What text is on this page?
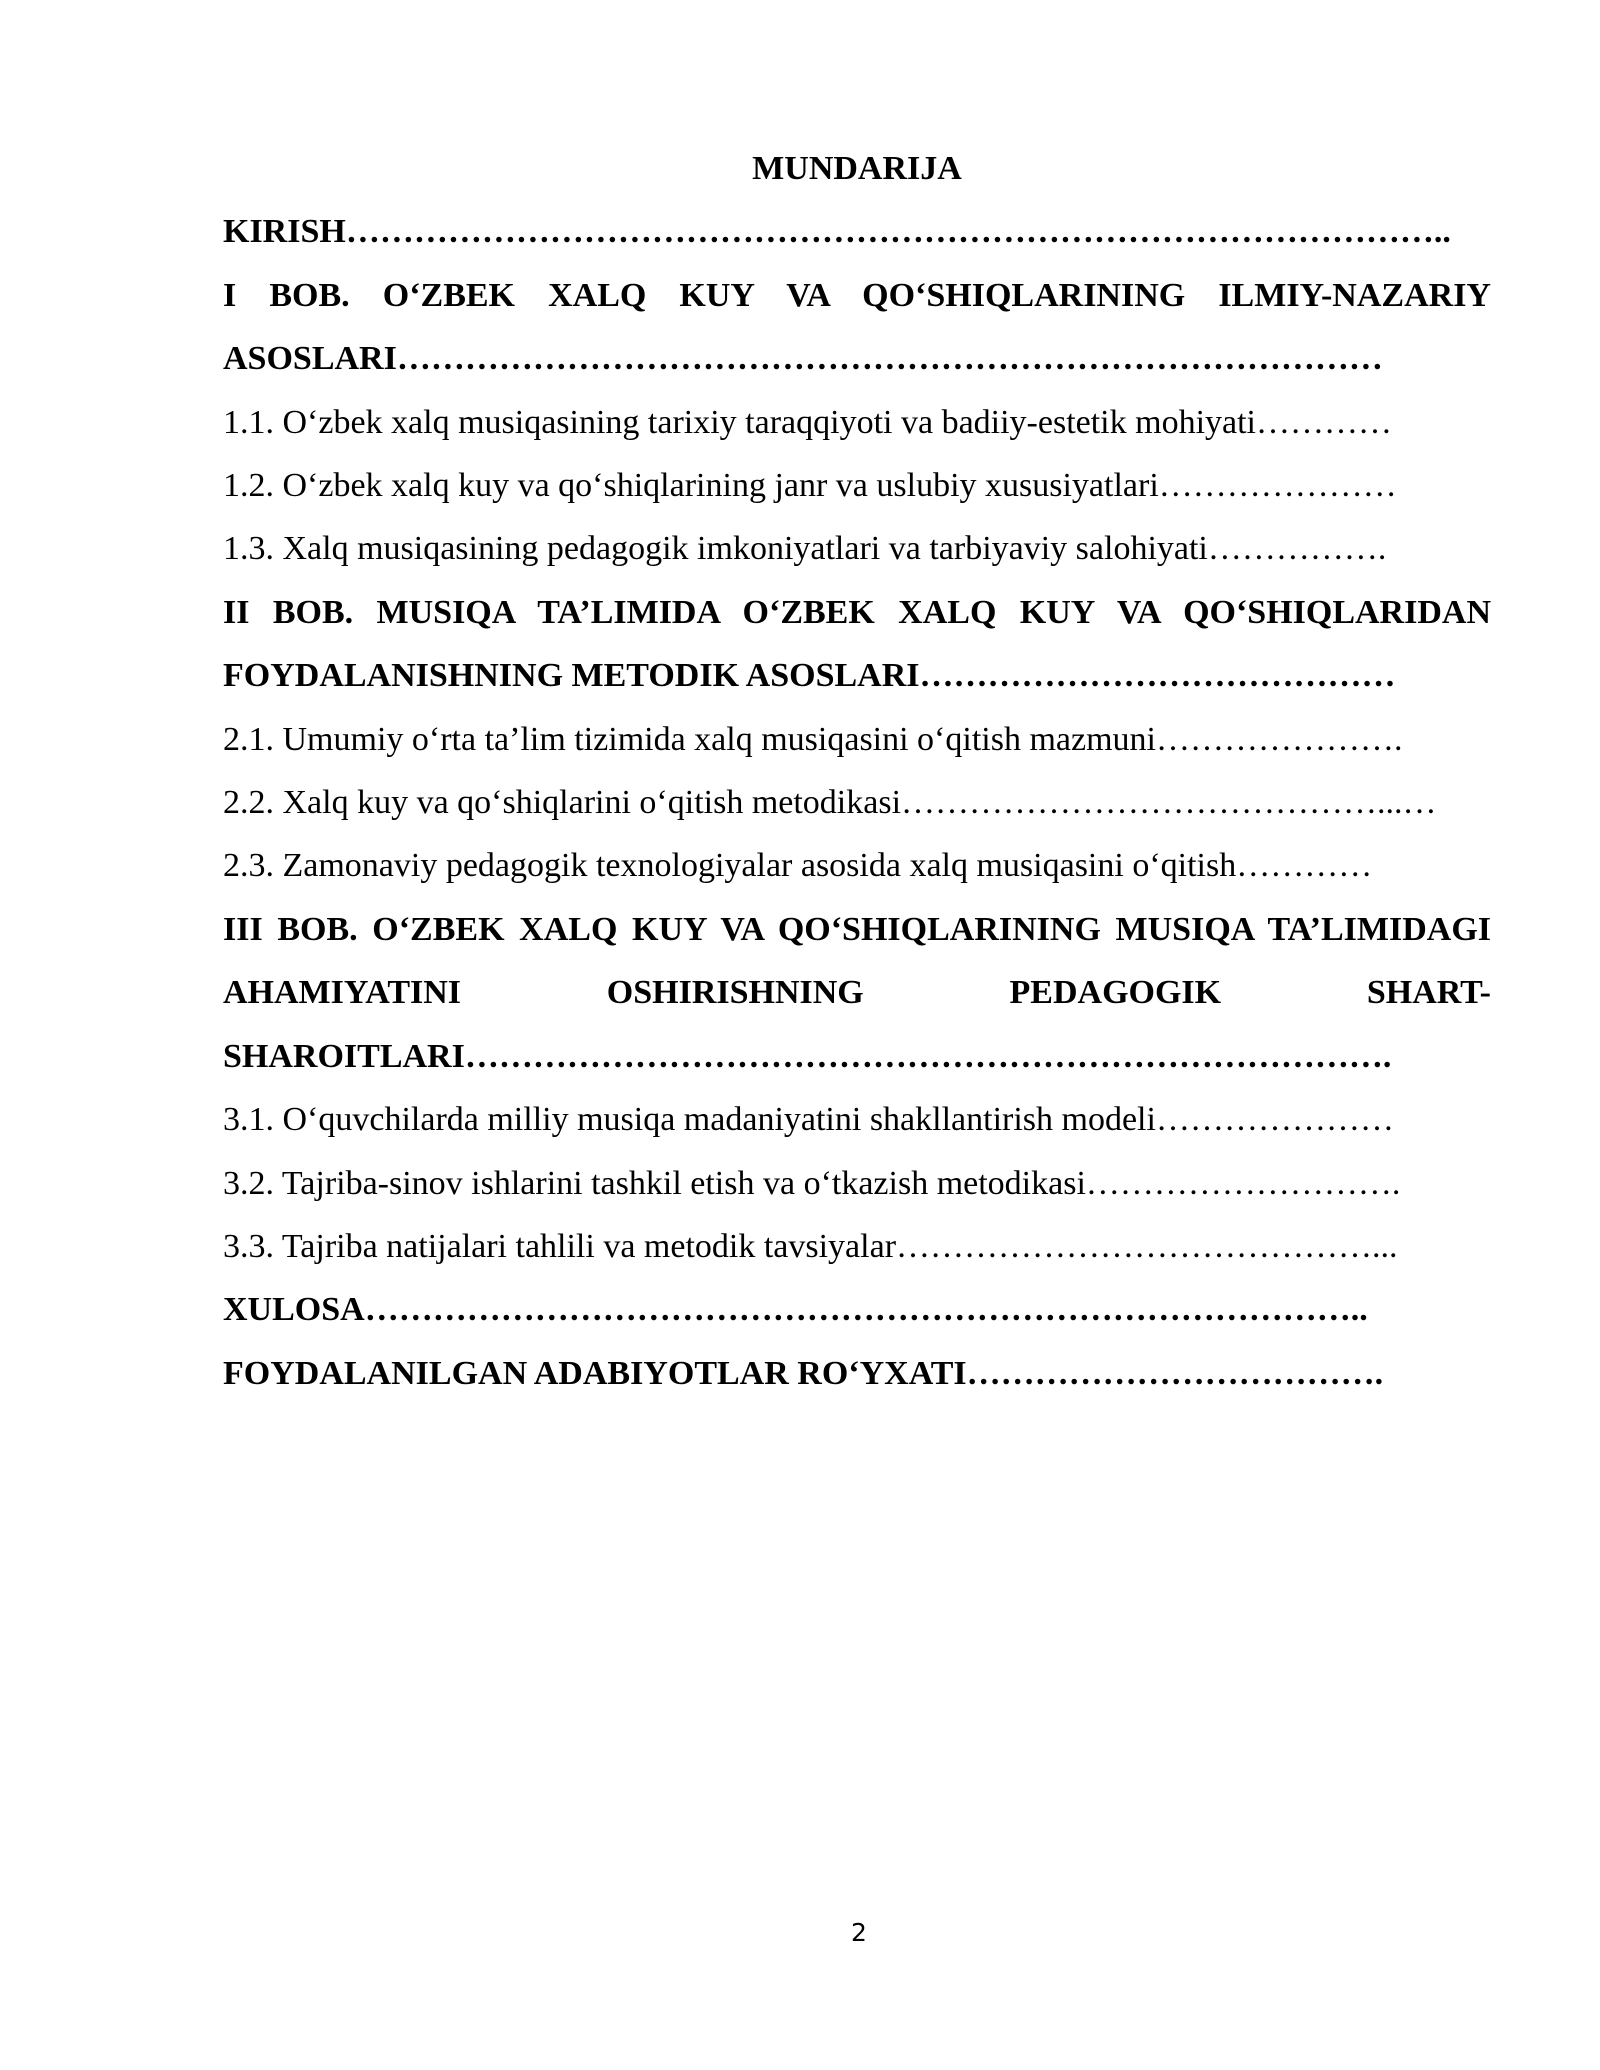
MUNDARIJA

KIRISH……………………………………………………………………………………..

I BOB. O‘ZBEK XALQ KUY VA QO‘SHIQLARINING ILMIY-NAZARIY ASOSLARI……………………………………………………………………………

1.1. O‘zbek xalq musiqasining tarixiy taraqqiyoti va badiiy-estetik mohiyati…………

1.2. O‘zbek xalq kuy va qo‘shiqlarining janr va uslubiy xususiyatlari…………………

1.3. Xalq musiqasining pedagogik imkoniyatlari va tarbiyaviy salohiyati…………….

II BOB. MUSIQA TA’LIMIDA O‘ZBEK XALQ KUY VA QO‘SHIQLARIDAN FOYDALANISHNING METODIK ASOSLARI……………………………………

2.1. Umumiy o‘rta ta’lim tizimida xalq musiqasini o‘qitish mazmuni………………….

2.2. Xalq kuy va qo‘shiqlarini o‘qitish metodikasi……………………………………...…

2.3. Zamonaviy pedagogik texnologiyalar asosida xalq musiqasini o‘qitish…………

III BOB. O‘ZBEK XALQ KUY VA QO‘SHIQLARINING MUSIQA TA’LIMIDAGI AHAMIYATINI OSHIRISHNING PEDAGOGIK SHART-SHAROITLARI……………………………………………………………………….

3.1. O‘quvchilarda milliy musiqa madaniyatini shakllantirish modeli…………………

3.2. Tajriba-sinov ishlarini tashkil etish va o‘tkazish metodikasi……………………….

3.3. Tajriba natijalari tahlili va metodik tavsiyalar……………………………………...

XULOSA……………………………………………………………………………..

FOYDALANILGAN ADABIYOTLAR RO‘YXATI……………………………….

2
